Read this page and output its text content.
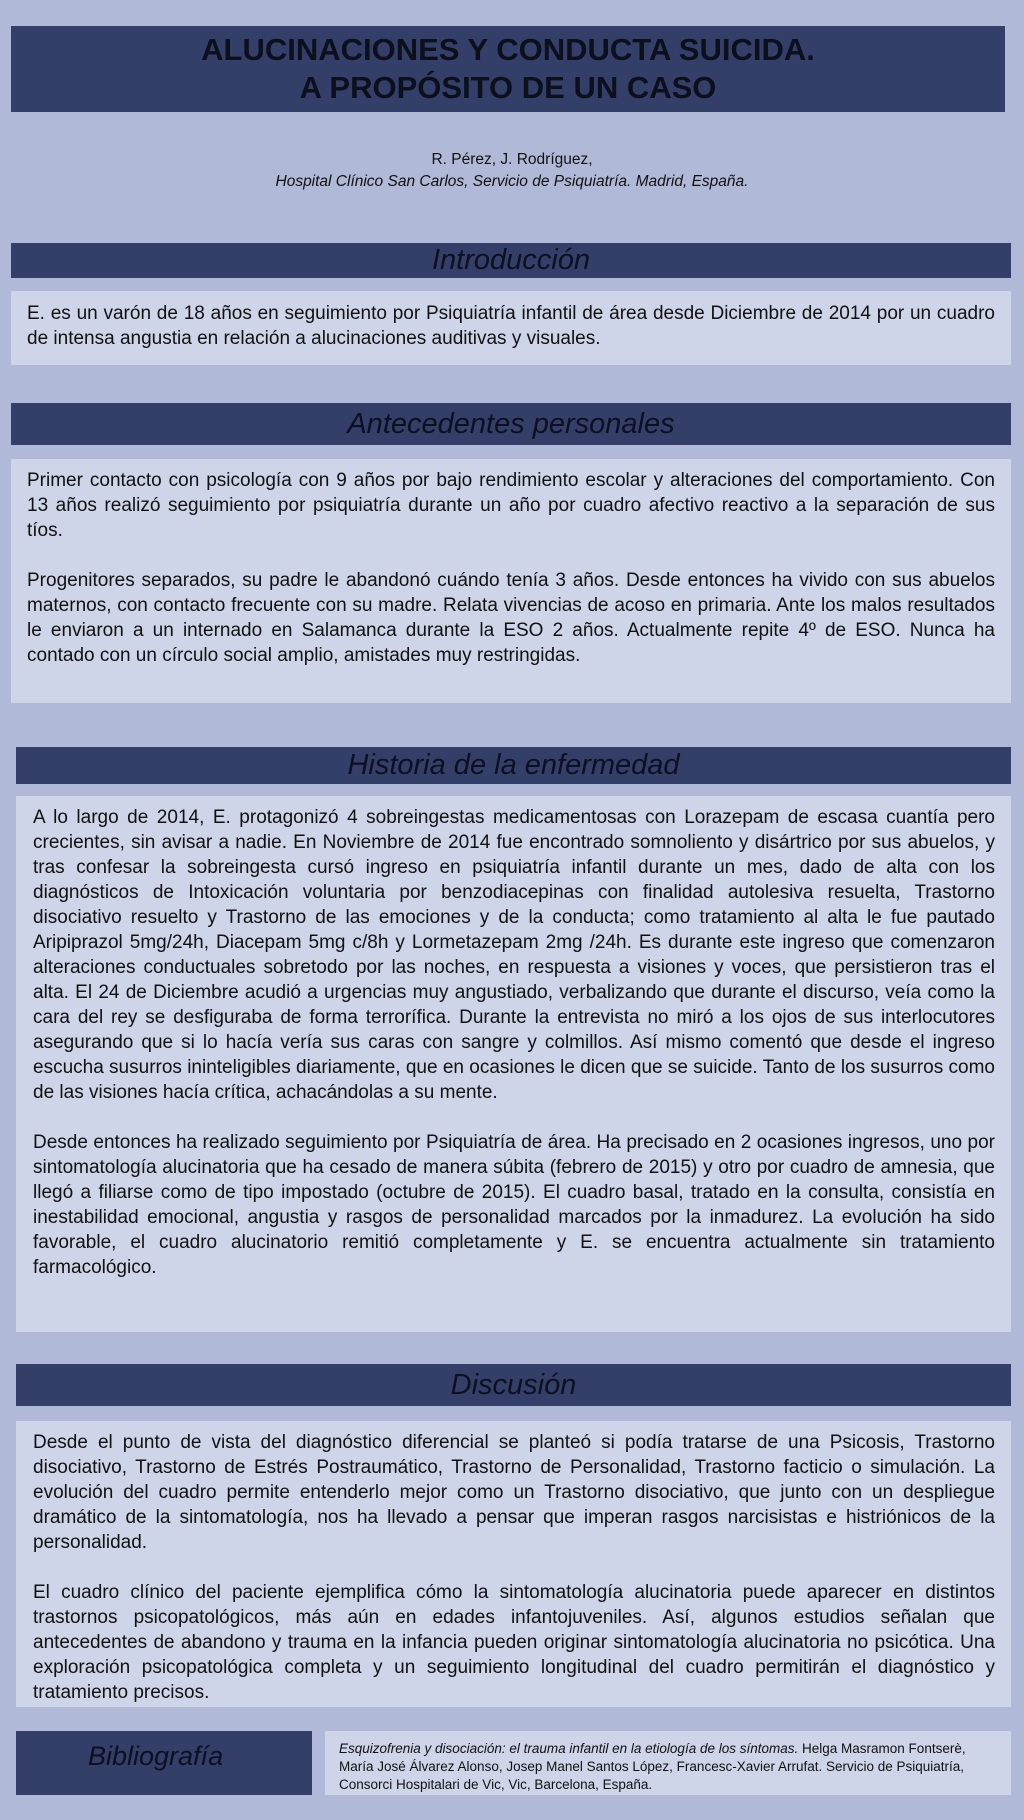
ALUCINACIONES Y CONDUCTA SUICIDA.
A PROPÓSITO DE UN CASO
R. Pérez, J. Rodríguez,
Hospital Clínico San Carlos, Servicio de Psiquiatría. Madrid, España.
Introducción

E. es un varón de 18 años en seguimiento por Psiquiatría infantil de área desde Diciembre de 2014 por un cuadro de intensa angustia en relación a alucinaciones auditivas y visuales.

Antecedentes personales

Primer contacto con psicología con 9 años por bajo rendimiento escolar y alteraciones del comportamiento. Con 13 años realizó seguimiento por psiquiatría durante un año por cuadro afectivo reactivo a la separación de sus tíos.

Progenitores separados, su padre le abandonó cuándo tenía 3 años. Desde entonces ha vivido con sus abuelos maternos, con contacto frecuente con su madre. Relata vivencias de acoso en primaria. Ante los malos resultados le enviaron a un internado en Salamanca durante la ESO 2 años. Actualmente repite 4º de ESO. Nunca ha contado con un círculo social amplio, amistades muy restringidas.

Historia de la enfermedad

A lo largo de 2014, E. protagonizó 4 sobreingestas medicamentosas con Lorazepam de escasa cuantía pero crecientes, sin avisar a nadie. En Noviembre de 2014 fue encontrado somnoliento y disártrico por sus abuelos, y tras confesar la sobreingesta cursó ingreso en psiquiatría infantil durante un mes, dado de alta con los diagnósticos de Intoxicación voluntaria por benzodiacepinas con finalidad autolesiva resuelta, Trastorno disociativo resuelto y Trastorno de las emociones y de la conducta; como tratamiento al alta le fue pautado Aripiprazol 5mg/24h, Diacepam 5mg c/8h y Lormetazepam 2mg /24h. Es durante este ingreso que comenzaron alteraciones conductuales sobretodo por las noches, en respuesta a visiones y voces, que persistieron tras el alta. El 24 de Diciembre acudió a urgencias muy angustiado, verbalizando que durante el discurso, veía como la cara del rey se desfiguraba de forma terrorífica. Durante la entrevista no miró a los ojos de sus interlocutores asegurando que si lo hacía vería sus caras con sangre y colmillos. Así mismo comentó que desde el ingreso escucha susurros ininteligibles diariamente, que en ocasiones le dicen que se suicide. Tanto de los susurros como de las visiones hacía crítica, achacándolas a su mente.

Desde entonces ha realizado seguimiento por Psiquiatría de área. Ha precisado en 2 ocasiones ingresos, uno por sintomatología alucinatoria que ha cesado de manera súbita (febrero de 2015) y otro por cuadro de amnesia, que llegó a filiarse como de tipo impostado (octubre de 2015). El cuadro basal, tratado en la consulta, consistía en inestabilidad emocional, angustia y rasgos de personalidad marcados por la inmadurez. La evolución ha sido favorable, el cuadro alucinatorio remitió completamente y E. se encuentra actualmente sin tratamiento farmacológico.

Discusión

Desde el punto de vista del diagnóstico diferencial se planteó si podía tratarse de una Psicosis, Trastorno disociativo, Trastorno de Estrés Postraumático, Trastorno de Personalidad, Trastorno facticio o simulación. La evolución del cuadro permite entenderlo mejor como un Trastorno disociativo, que junto con un despliegue dramático de la sintomatología, nos ha llevado a pensar que imperan rasgos narcisistas e histriónicos de la personalidad.

El cuadro clínico del paciente ejemplifica cómo la sintomatología alucinatoria puede aparecer en distintos trastornos psicopatológicos, más aún en edades infantojuveniles. Así, algunos estudios señalan que antecedentes de abandono y trauma en la infancia pueden originar sintomatología alucinatoria no psicótica. Una exploración psicopatológica completa y un seguimiento longitudinal del cuadro permitirán el diagnóstico y tratamiento precisos.

Bibliografía	Esquizofrenia y disociación: el trauma infantil en la etiología de los síntomas. Helga Masramon Fontserè, María José Álvarez Alonso, Josep Manel Santos López, Francesc-Xavier Arrufat. Servicio de Psiquiatría, Consorci Hospitalari de Vic, Vic, Barcelona, España.
